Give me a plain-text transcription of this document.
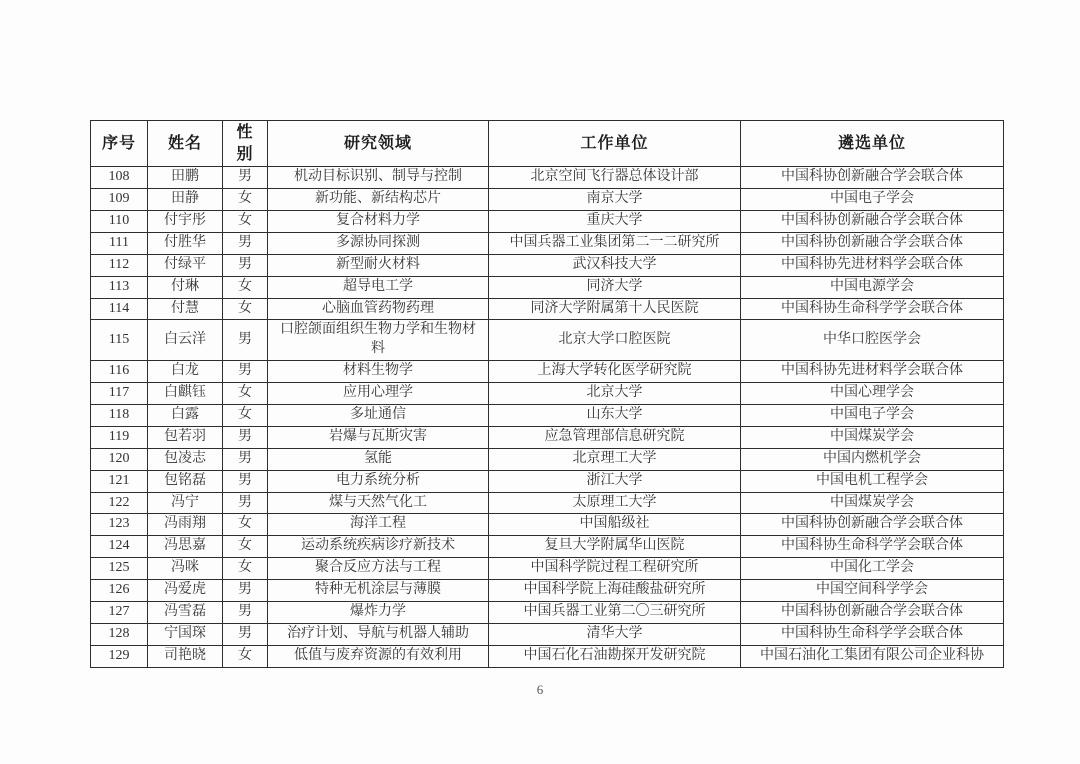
序号	姓名	性别	研究领域	工作单位	遴选单位
108	田鹏	男	机动目标识别、制导与控制	北京空间飞行器总体设计部	中国科协创新融合学会联合体
109	田静	女	新功能、新结构芯片	南京大学	中国电子学会
110	付宇彤	女	复合材料力学	重庆大学	中国科协创新融合学会联合体
111	付胜华	男	多源协同探测	中国兵器工业集团第二一二研究所	中国科协创新融合学会联合体
112	付绿平	男	新型耐火材料	武汉科技大学	中国科协先进材料学会联合体
113	付琳	女	超导电工学	同济大学	中国电源学会
114	付慧	女	心脑血管药物药理	同济大学附属第十人民医院	中国科协生命科学学会联合体
115	白云洋	男	口腔颌面组织生物力学和生物材料	北京大学口腔医院	中华口腔医学会
116	白龙	男	材料生物学	上海大学转化医学研究院	中国科协先进材料学会联合体
117	白麒钰	女	应用心理学	北京大学	中国心理学会
118	白露	女	多址通信	山东大学	中国电子学会
119	包若羽	男	岩爆与瓦斯灾害	应急管理部信息研究院	中国煤炭学会
120	包凌志	男	氢能	北京理工大学	中国内燃机学会
121	包铭磊	男	电力系统分析	浙江大学	中国电机工程学会
122	冯宁	男	煤与天然气化工	太原理工大学	中国煤炭学会
123	冯雨翔	女	海洋工程	中国船级社	中国科协创新融合学会联合体
124	冯思嘉	女	运动系统疾病诊疗新技术	复旦大学附属华山医院	中国科协生命科学学会联合体
125	冯咪	女	聚合反应方法与工程	中国科学院过程工程研究所	中国化工学会
126	冯爱虎	男	特种无机涂层与薄膜	中国科学院上海硅酸盐研究所	中国空间科学学会
127	冯雪磊	男	爆炸力学	中国兵器工业第二〇三研究所	中国科协创新融合学会联合体
128	宁国琛	男	治疗计划、导航与机器人辅助	清华大学	中国科协生命科学学会联合体
129	司艳晓	女	低值与废弃资源的有效利用	中国石化石油勘探开发研究院	中国石油化工集团有限公司企业科协
6
